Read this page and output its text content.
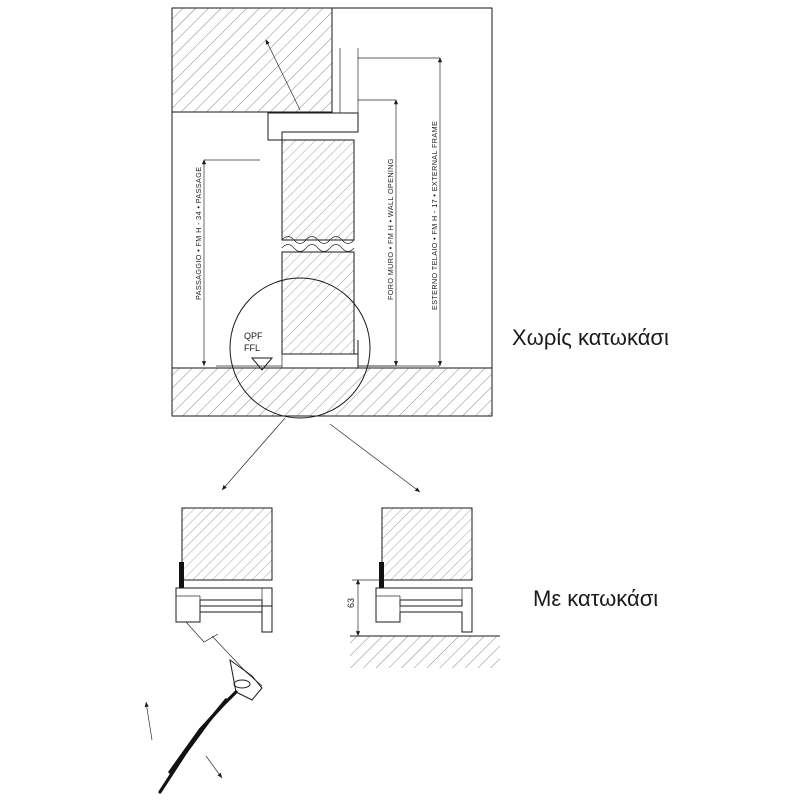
QPF
FFL
PASSAGGIO • FM H - 34 • PASSAGE	FORO MURO • FM H • WALL OPENING	ESTERNO TELAIO • FM H - 17 • EXTERNAL FRAME
63
Χωρίς κατωκάσι
Με κατωκάσι
